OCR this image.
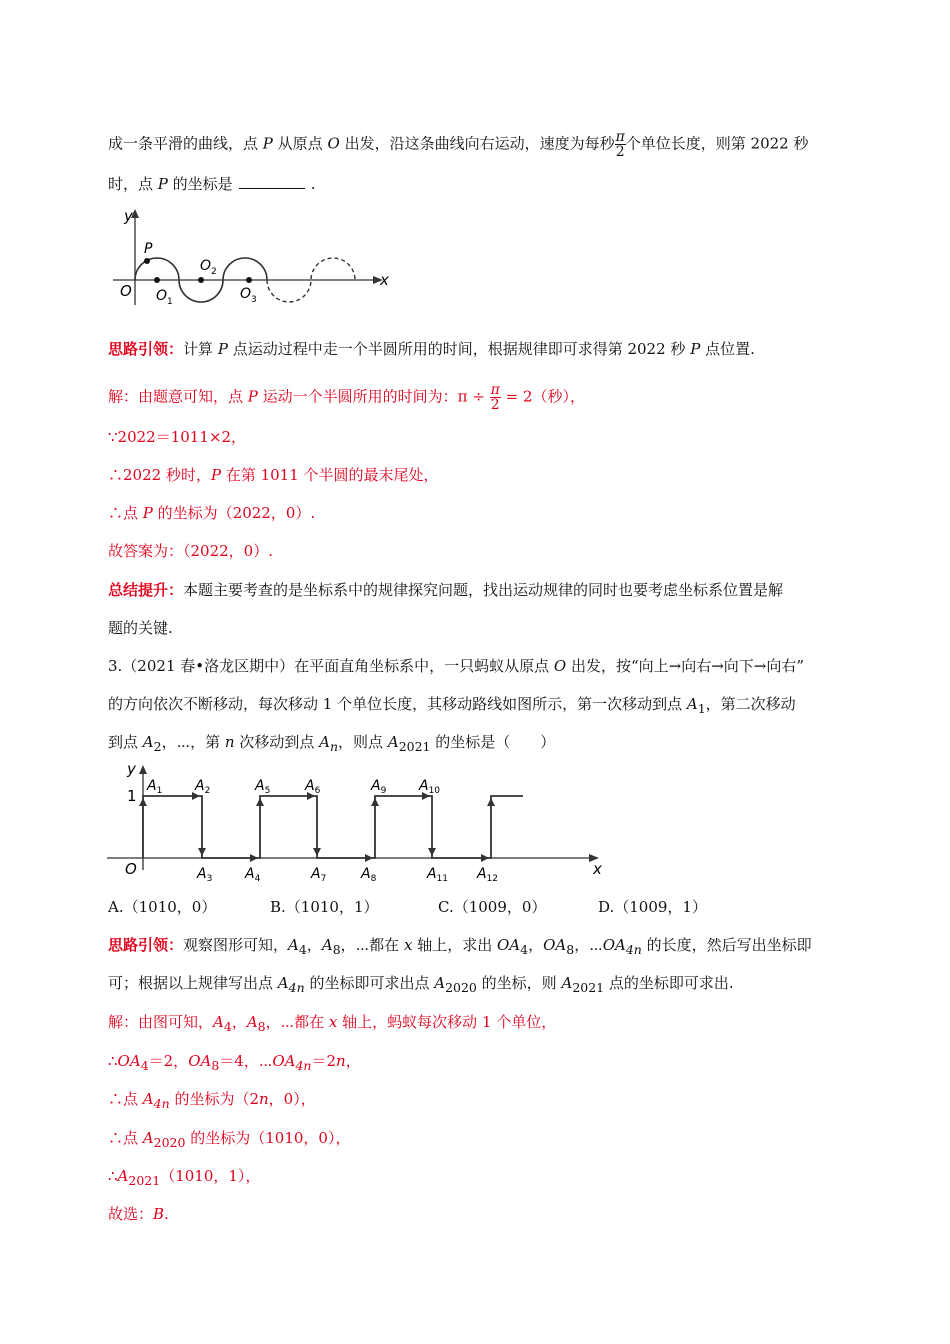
成一条平滑的曲线，点 P 从原点 O 出发，沿这条曲线向右运动，速度为每秒 $\frac{\pi}{2}$ 个单位长度，则第 2022 秒
时，点 P 的坐标是	.
y
x
P
O O 1
O 2
O 3
思路引领：计算 P 点运动过程中走一个半圆所用的时间，根据规律即可求得第 2022 秒 P 点位置.
解：由题意可知，点 P 运动一个半圆所用的时间为：$\pi \div \frac{\pi}{2} = 2$（秒），
∵2022＝1011×2，
∴2022 秒时，P 在第 1011 个半圆的最末尾处，
∴点 P 的坐标为（2022，0）.
故答案为：（2022，0）.
总结提升：本题主要考查的是坐标系中的规律探究问题，找出运动规律的同时也要考虑坐标系位置是解
题的关键.
3.（2021 春•洛龙区期中）在平面直角坐标系中，一只蚂蚁从原点 O 出发，按“向上→向右→向下→向右”
的方向依次不断移动，每次移动 1 个单位长度，其移动路线如图所示，第一次移动到点 $A_1$，第二次移动
到点 $A_2$，⋯，第 n 次移动到点 $A_n$，则点 $A_{2021}$ 的坐标是（　　）
y
x
1
O
$A_1$ $A_2$	$A_5$ $A_6$	$A_9$ $A_{10}$
$A_3$ $A_4$	$A_7$ $A_8$	$A_{11}$ $A_{12}$
A.（1010，0）	B.（1010，1）	C.（1009，0）	D.（1009，1）
思路引领：观察图形可知，$A_4$，$A_8$，⋯都在 x 轴上，求出 $OA_4$，$OA_8$，$\cdots OA_{4n}$ 的长度，然后写出坐标即
可；根据以上规律写出点 $A_{4n}$ 的坐标即可求出点 $A_{2020}$ 的坐标，则 $A_{2021}$ 点的坐标即可求出.
解：由图可知，$A_4$，$A_8$，⋯都在 x 轴上，蚂蚁每次移动 1 个单位，
$\therefore OA_4=2$，$OA_8=4$，$\cdots OA_{4n}=2n$，
∴点 $A_{4n}$ 的坐标为（2n，0），
∴点 $A_{2020}$ 的坐标为（1010，0），
$\therefore A_{2021}(1010$，1），
故选：B.
